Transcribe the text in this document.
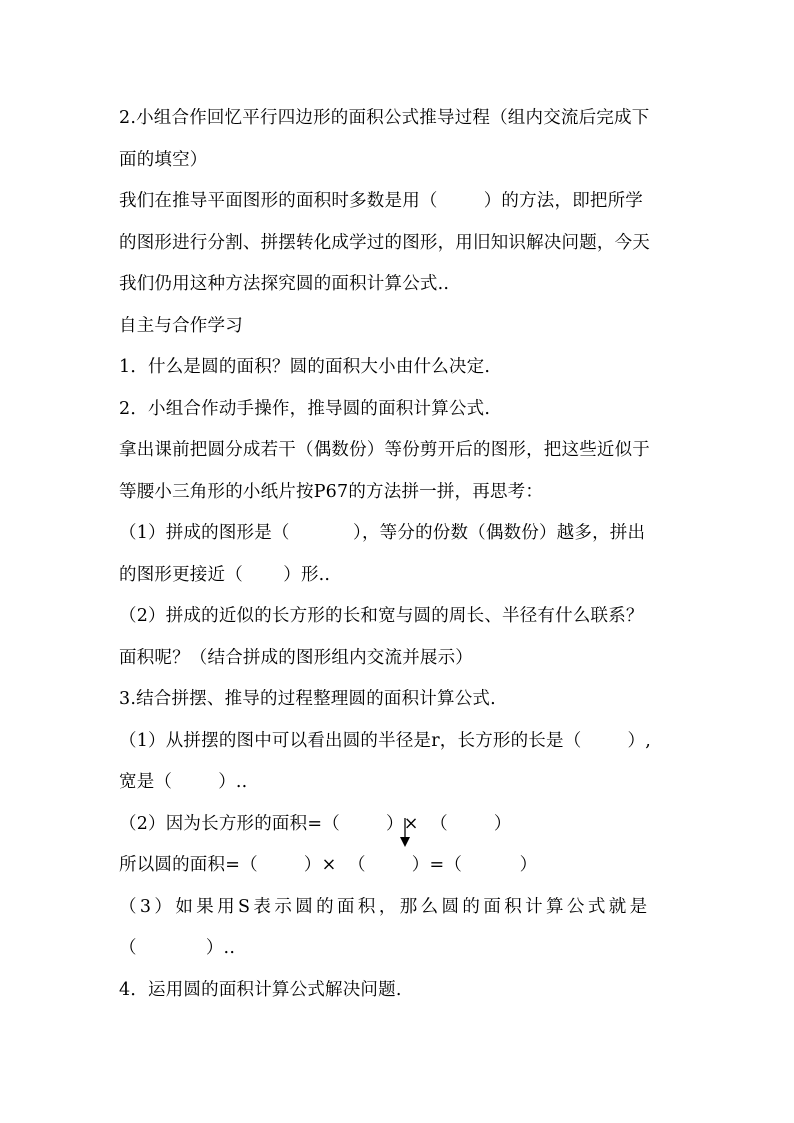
2.小组合作回忆平行四边形的面积公式推导过程（组内交流后完成下
面的填空）
我们在推导平面图形的面积时多数是用（        ）的方法，即把所学
的图形进行分割、拼摆转化成学过的图形，用旧知识解决问题，今天
我们仍用这种方法探究圆的面积计算公式..
自主与合作学习
1．什么是圆的面积？圆的面积大小由什么决定.
2．小组合作动手操作，推导圆的面积计算公式.
拿出课前把圆分成若干（偶数份）等份剪开后的图形，把这些近似于
等腰小三角形的小纸片按P67的方法拼一拼，再思考：
（1）拼成的图形是（           ），等分的份数（偶数份）越多，拼出
的图形更接近（       ）形..
（2）拼成的近似的长方形的长和宽与圆的周长、半径有什么联系？
面积呢？（结合拼成的图形组内交流并展示）
3.结合拼摆、推导的过程整理圆的面积计算公式.
（1）从拼摆的图中可以看出圆的半径是r，长方形的长是（        ）,
宽是（        ）..
（2）因为长方形的面积=（        ）×  （        ）
所以圆的面积=（        ）×  （        ）=（          ）
（3）如果用S表示圆的面积，那么圆的面积计算公式就是
（            ）..
4．运用圆的面积计算公式解决问题.
